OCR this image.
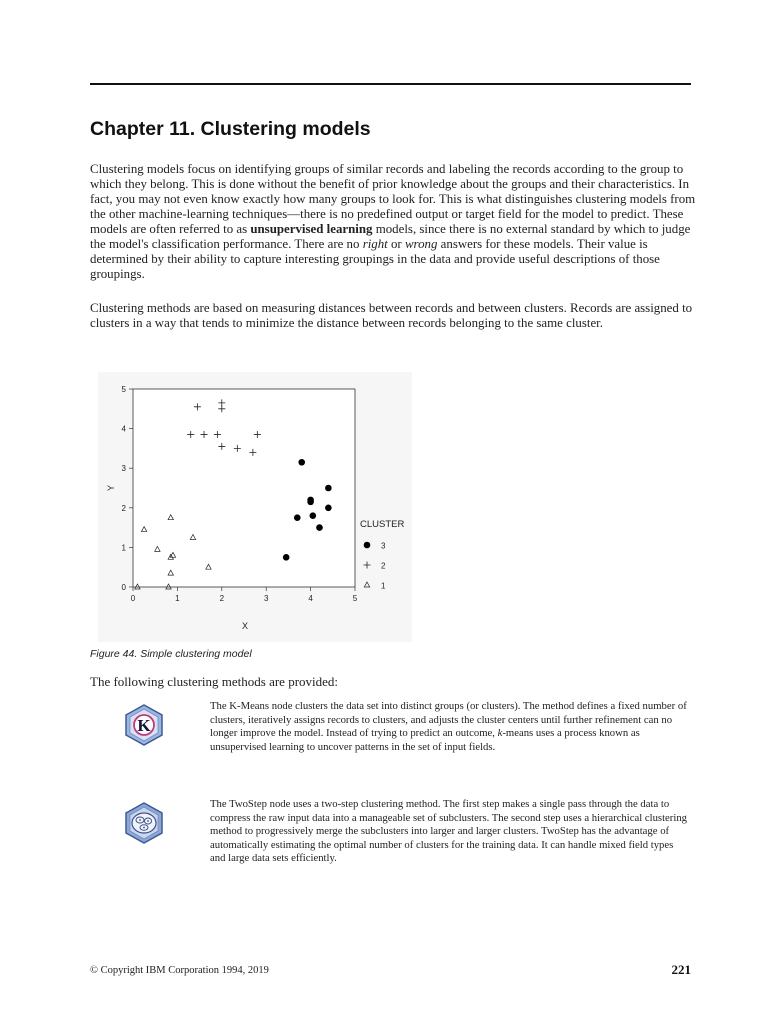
Chapter 11. Clustering models

Clustering models focus on identifying groups of similar records and labeling the records according to the group to which they belong. This is done without the benefit of prior knowledge about the groups and their characteristics. In fact, you may not even know exactly how many groups to look for. This is what distinguishes clustering models from the other machine-learning techniques—there is no predefined output or target field for the model to predict. These models are often referred to as unsupervised learning models, since there is no external standard by which to judge the model's classification performance. There are no right or wrong answers for these models. Their value is determined by their ability to capture interesting groupings in the data and provide useful descriptions of those groupings.

Clustering methods are based on measuring distances between records and between clusters. Records are assigned to clusters in a way that tends to minimize the distance between records belonging to the same cluster.

0	1	2	3	4	5
0
1
2
3
4
5
X
Y
CLUSTER
3
2
1

Figure 44. Simple clustering model

The following clustering methods are provided:

K

The K-Means node clusters the data set into distinct groups (or clusters). The method defines a fixed number of clusters, iteratively assigns records to clusters, and adjusts the cluster centers until further refinement can no longer improve the model. Instead of trying to predict an outcome, k-means uses a process known as unsupervised learning to uncover patterns in the set of input fields.

The TwoStep node uses a two-step clustering method. The first step makes a single pass through the data to compress the raw input data into a manageable set of subclusters. The second step uses a hierarchical clustering method to progressively merge the subclusters into larger and larger clusters. TwoStep has the advantage of automatically estimating the optimal number of clusters for the training data. It can handle mixed field types and large data sets efficiently.

© Copyright IBM Corporation 1994, 2019	221
